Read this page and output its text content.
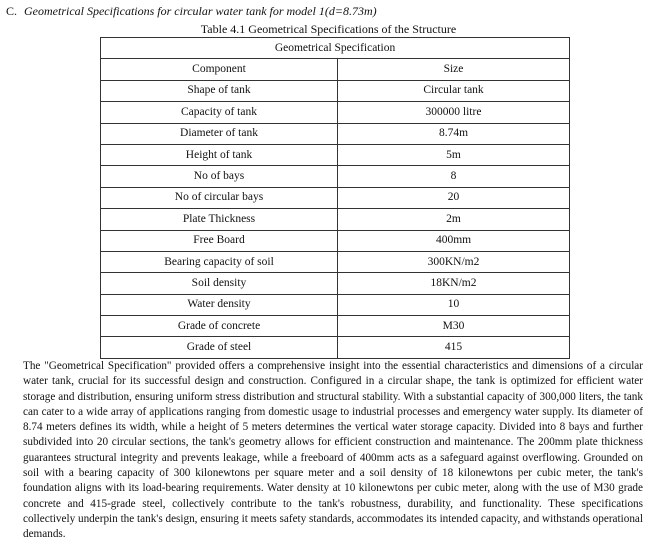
C. Geometrical Specifications for circular water tank for model 1(d=8.73m)

Table 4.1 Geometrical Specifications of the Structure

Geometrical Specification	
Component	Size
Shape of tank	Circular tank
Capacity of tank	300000 litre
Diameter of tank	8.74m
Height of tank	5m
No of bays	8
No of circular bays	20
Plate Thickness	2m
Free Board	400mm
Bearing capacity of soil	300KN/m2
Soil density	18KN/m2
Water density	10
Grade of concrete	M30
Grade of steel	415

The "Geometrical Specification" provided offers a comprehensive insight into the essential characteristics and dimensions of a circular water tank, crucial for its successful design and construction. Configured in a circular shape, the tank is optimized for efficient water storage and distribution, ensuring uniform stress distribution and structural stability. With a substantial capacity of 300,000 liters, the tank can cater to a wide array of applications ranging from domestic usage to industrial processes and emergency water supply. Its diameter of 8.74 meters defines its width, while a height of 5 meters determines the vertical water storage capacity. Divided into 8 bays and further subdivided into 20 circular sections, the tank's geometry allows for efficient construction and maintenance. The 200mm plate thickness guarantees structural integrity and prevents leakage, while a freeboard of 400mm acts as a safeguard against overflowing. Grounded on soil with a bearing capacity of 300 kilonewtons per square meter and a soil density of 18 kilonewtons per cubic meter, the tank's foundation aligns with its load-bearing requirements. Water density at 10 kilonewtons per cubic meter, along with the use of M30 grade concrete and 415-grade steel, collectively contribute to the tank's robustness, durability, and functionality. These specifications collectively underpin the tank's design, ensuring it meets safety standards, accommodates its intended capacity, and withstands operational demands.
